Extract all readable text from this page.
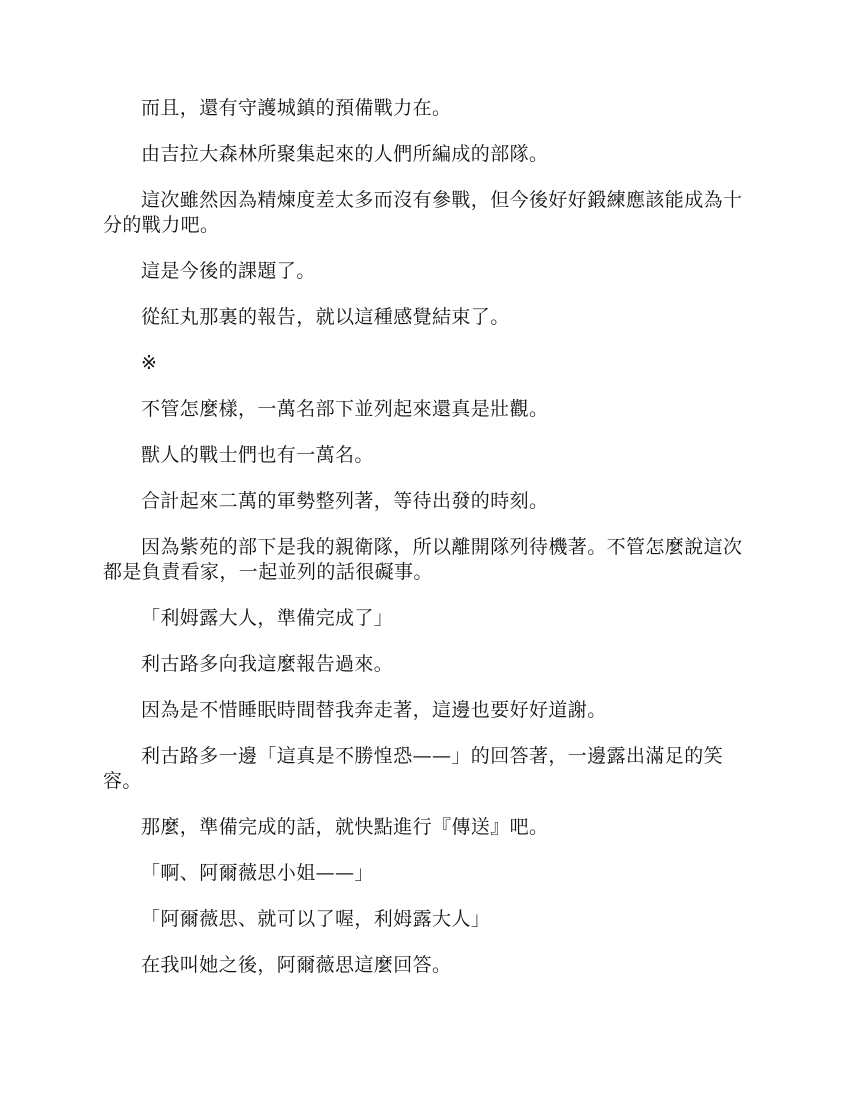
而且，還有守護城鎮的預備戰力在。

由吉拉大森林所聚集起來的人們所編成的部隊。

這次雖然因為精煉度差太多而沒有參戰，但今後好好鍛練應該能成為十分的戰力吧。

這是今後的課題了。

從紅丸那裏的報告，就以這種感覺結束了。

※

不管怎麼樣，一萬名部下並列起來還真是壯觀。

獸人的戰士們也有一萬名。

合計起來二萬的軍勢整列著，等待出發的時刻。

因為紫苑的部下是我的親衛隊，所以離開隊列待機著。不管怎麼說這次都是負責看家，一起並列的話很礙事。

「利姆露大人，準備完成了」

利古路多向我這麼報告過來。

因為是不惜睡眠時間替我奔走著，這邊也要好好道謝。

利古路多一邊「這真是不勝惶恐——」的回答著，一邊露出滿足的笑容。

那麼，準備完成的話，就快點進行『傳送』吧。

「啊、阿爾薇思小姐——」

「阿爾薇思、就可以了喔，利姆露大人」

在我叫她之後，阿爾薇思這麼回答。
